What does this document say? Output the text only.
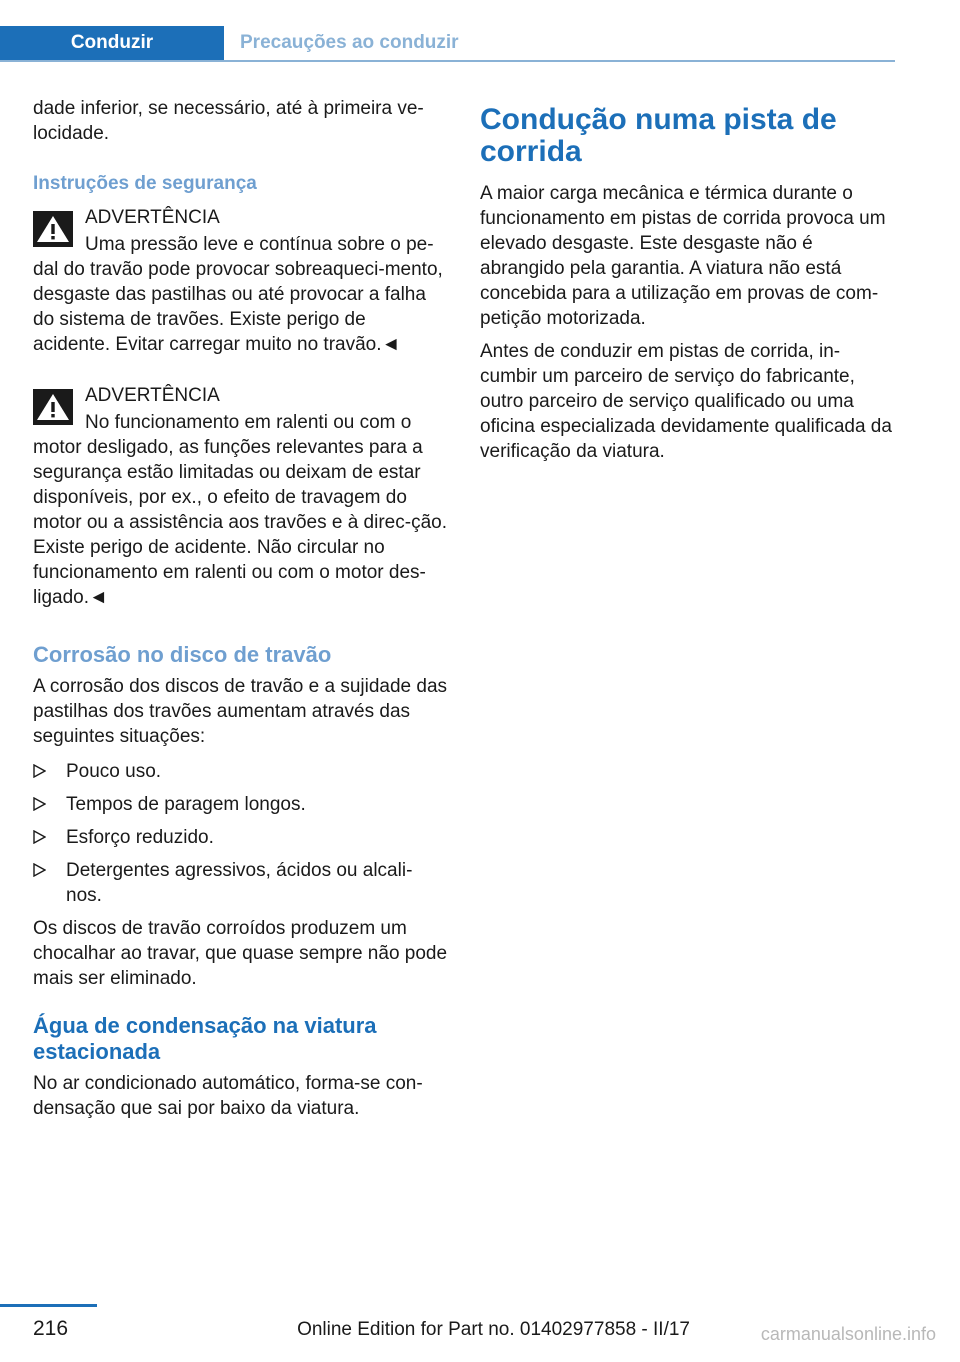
Conduzir	Precauções ao conduzir

dade inferior, se necessário, até à primeira ve-locidade.

Instruções de segurança

ADVERTÊNCIA

Uma pressão leve e contínua sobre o pe-

dal do travão pode provocar sobreaqueci-mento, desgaste das pastilhas ou até provocar a falha do sistema de travões. Existe perigo de acidente. Evitar carregar muito no travão.◄

ADVERTÊNCIA

No funcionamento em ralenti ou com o

motor desligado, as funções relevantes para a segurança estão limitadas ou deixam de estar disponíveis, por ex., o efeito de travagem do motor ou a assistência aos travões e à direc-ção. Existe perigo de acidente. Não circular no funcionamento em ralenti ou com o motor des-ligado.◄

Corrosão no disco de travão

A corrosão dos discos de travão e a sujidade das pastilhas dos travões aumentam através das seguintes situações:

Pouco uso.
Tempos de paragem longos.
Esforço reduzido.
Detergentes agressivos, ácidos ou alcali-nos.

Os discos de travão corroídos produzem um chocalhar ao travar, que quase sempre não pode mais ser eliminado.

Água de condensação na viatura estacionada

No ar condicionado automático, forma-se con-densação que sai por baixo da viatura.

Condução numa pista de corrida

A maior carga mecânica e térmica durante o funcionamento em pistas de corrida provoca um elevado desgaste. Este desgaste não é abrangido pela garantia. A viatura não está concebida para a utilização em provas de com-petição motorizada.

Antes de conduzir em pistas de corrida, in-cumbir um parceiro de serviço do fabricante, outro parceiro de serviço qualificado ou uma oficina especializada devidamente qualificada da verificação da viatura.

216	Online Edition for Part no. 01402977858 - II/17	carmanualsonline.info
